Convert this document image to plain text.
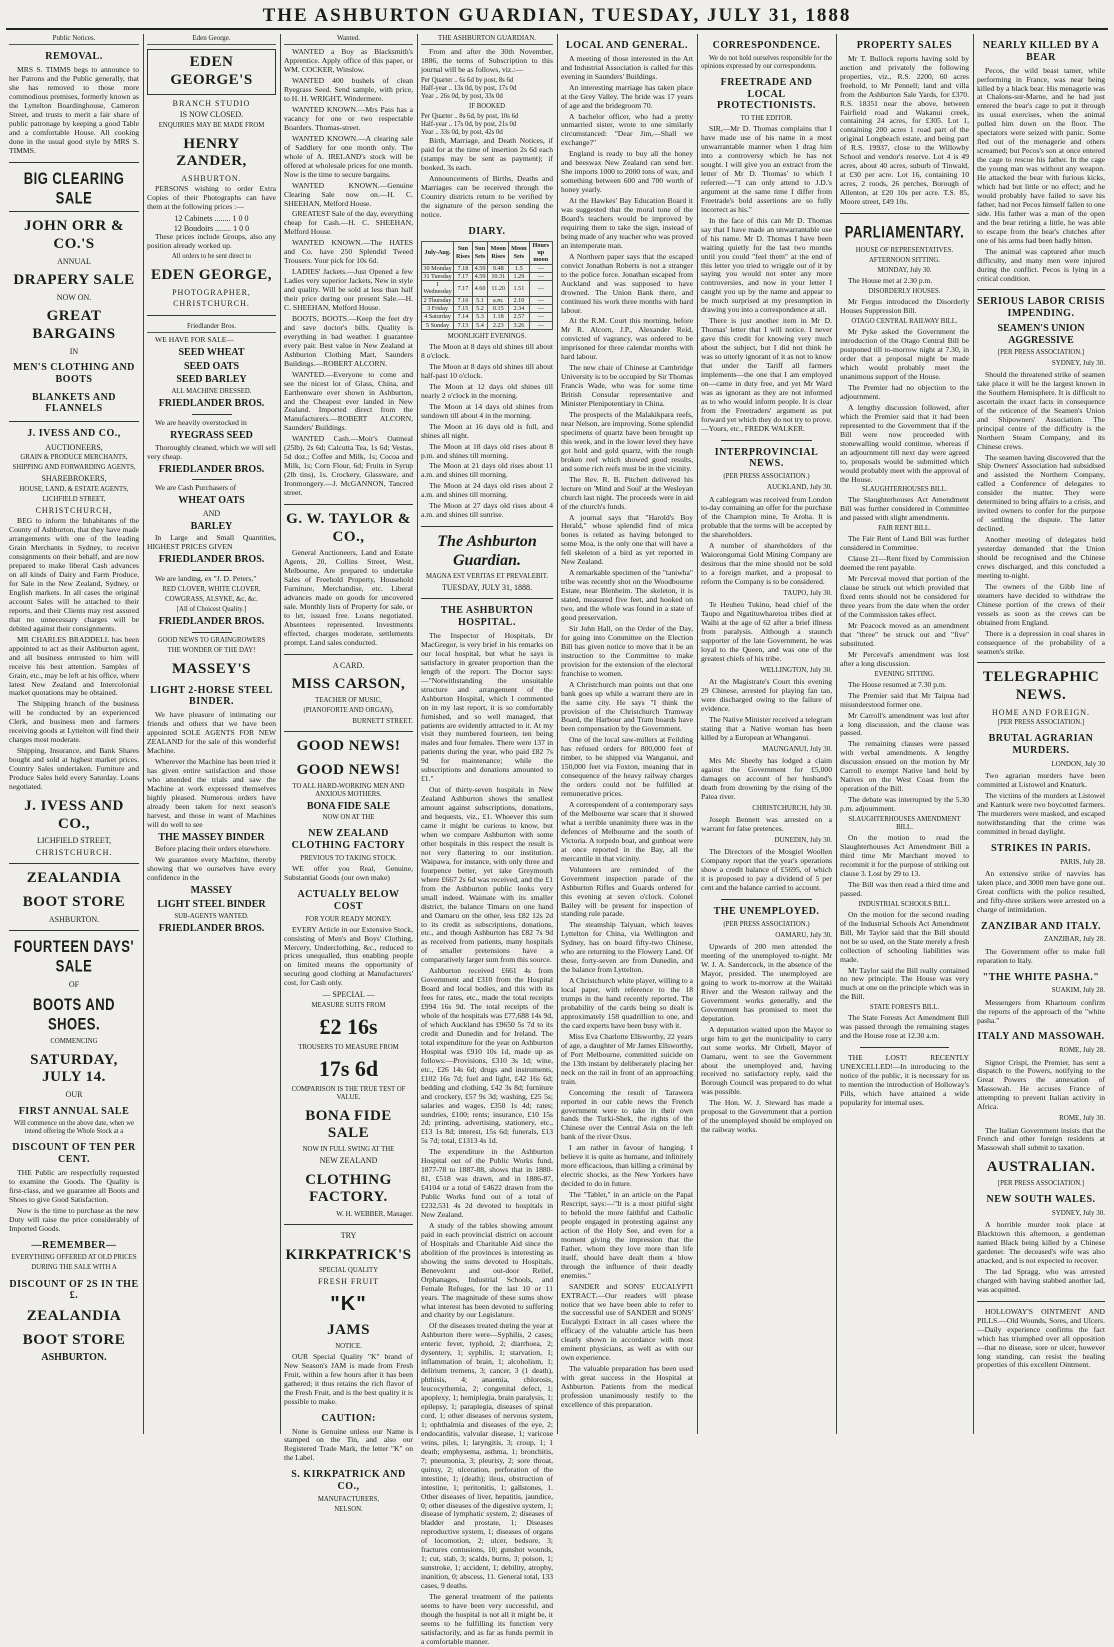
THE ASHBURTON GUARDIAN, TUESDAY, JULY 31, 1888
Public Notices.
REMOVAL.

MRS S. TIMMS begs to announce to her Patrons and the Public generally, that she has removed to those more commodious premises, formerly known as the Lyttelton Boardinghouse, Cameron Street, and trusts to merit a fair share of public patronage by keeping a good Table and a comfortable House. All cooking done in the usual good style by MRS S. TIMMS.

BIG CLEARING SALE
JOHN ORR & CO.'S
ANNUAL
DRAPERY SALE
NOW ON.
GREAT BARGAINS
IN
MEN'S CLOTHING AND BOOTS
BLANKETS AND FLANNELS
J. IVESS AND CO.,
AUCTIONEERS,
GRAIN & PRODUCE MERCHANTS,
SHIPPING AND FORWARDING AGENTS,
SHAREBROKERS,
HOUSE, LAND, & ESTATE AGENTS,
LICHFIELD STREET,
CHRISTCHURCH,

BEG to inform the Inhabitants of the County of Ashburton, that they have made arrangements with one of the leading Grain Merchants in Sydney, to receive consignments on their behalf, and are now prepared to make liberal Cash advances on all kinds of Dairy and Farm Produce, for Sale in the New Zealand, Sydney, or English markets. In all cases the original account Sales will be attached to their reports, and their Clients may rest assured that no unnecessary charges will be debited against their consignments.

MR CHARLES BRADDELL has been appointed to act as their Ashburton agent, and all business entrusted to him will receive his best attention. Samples of Grain, etc., may be left at his office, where latest New Zealand and Intercolonial market quotations may be obtained.

The Shipping branch of the business will be conducted by an experienced Clerk, and business men and farmers receiving goods at Lyttelton will find their charges most moderate.

Shipping, Insurance, and Bank Shares bought and sold at highest market prices. Country Sales undertaken. Furniture and Produce Sales held every Saturday. Loans negotiated.

J. IVESS AND CO.,
LICHFIELD STREET,
CHRISTCHURCH.
ZEALANDIA
BOOT STORE
ASHBURTON.
FOURTEEN DAYS' SALE
OF
BOOTS AND SHOES.
COMMENCING
SATURDAY, JULY 14.
OUR
FIRST ANNUAL SALE
Will commence on the above date, when we intend offering the Whole Stock at a
DISCOUNT OF TEN PER CENT.

THE Public are respectfully requested to examine the Goods. The Quality is first-class, and we guarantee all Boots and Shoes to give Good Satisfaction.

Now is the time to purchase as the new Duty will raise the price considerably of Imported Goods.

—REMEMBER—
EVERYTHING OFFERED AT OLD PRICES
DURING THE SALE WITH A
DISCOUNT OF 2S IN THE £.
ZEALANDIA
BOOT STORE
ASHBURTON.
Eden George.
EDEN GEORGE'S
BRANCH STUDIO
IS NOW CLOSED.
ENQUIRIES MAY BE MADE FROM
HENRY ZANDER,
ASHBURTON.

PERSONS wishing to order Extra Copies of their Photographs can have them at the following prices :—

12 Cabinets ........ 1 0 0
12 Boudoirs ........ 1 0 0

These prices include Groups, also any position already worked up.

All orders to be sent direct to
EDEN GEORGE,
PHOTOGRAPHER,
CHRISTCHURCH.
Friedlander Bros.

WE HAVE FOR SALE—

SEED WHEAT
SEED OATS
SEED BARLEY
ALL MACHINE DRESSED.
FRIEDLANDER BROS.

We are heavily overstocked in

RYEGRASS SEED

Thoroughly cleaned, which we will sell very cheap.

FRIEDLANDER BROS.

We are Cash Purchasers of

WHEAT OATS
AND
BARLEY

In Large and Small Quantities, HIGHEST PRICES GIVEN

FRIEDLANDER BROS.

We are landing, ex "J. D. Peters,"

RED CLOVER, WHITE CLOVER,
COWGRASS, ALSYKE, &c, &c.
[All of Choicest Quality.]
FRIEDLANDER BROS.
GOOD NEWS TO GRAINGROWERS
THE WONDER OF THE DAY!
MASSEY'S
LIGHT 2-HORSE STEEL BINDER.

We have pleasure of intimating our friends and others that we have been appointed SOLE AGENTS FOR NEW ZEALAND for the sale of this wonderful Machine.

Wherever the Machine has been tried it has given entire satisfaction and those who attended the trials and saw the Machine at work expressed themselves highly pleased. Numerous orders have already been taken for next season's harvest, and those in want of Machines will do well to see

THE MASSEY BINDER

Before placing their orders elsewhere.

We guarantee every Machine, thereby showing that we ourselves have every confidence in the

MASSEY
LIGHT STEEL BINDER
SUB-AGENTS WANTED.
FRIEDLANDER BROS.
Wanted.

WANTED a Boy as Blacksmith's Apprentice. Apply office of this paper, or WM. COCKER, Winslow.

WANTED 400 bushels of clean Ryegrass Seed. Send sample, with price, to H. H. WRIGHT, Windermere.

WANTED KNOWN.—Mrs Pass has a vacancy for one or two respectable Boarders. Thomas-street.

WANTED KNOWN.—A clearing sale of Saddlery for one month only. The whole of A. IRELAND's stock will be offered at wholesale prices for one month. Now is the time to secure bargains.

WANTED KNOWN.—Genuine Clearing Sale now on.—H. C. SHEEHAN, Melford House.

GREATEST Sale of the day, everything cheap for Cash.—H. C. SHEEHAN, Melford House.

WANTED KNOWN.—The HATES and Co. have 250 Splendid Tweed Trousers. Your pick for 10s 6d.

LADIES' Jackets.—Just Opened a few Ladies very superior Jackets, New in style and quality. Will be sold at less than half their price during our present Sale.—H. C. SHEEHAN, Melford House.

BOOTS, BOOTS.—Keep the feet dry and save doctor's bills. Quality is everything in bad weather. I guarantee every pair. Best value in New Zealand at Ashburton Clothing Mart, Saunders Buildings.—ROBERT ALCORN.

WANTED.—Everyone to come and see the nicest lot of Glass, China, and Earthenware ever shown in Ashburton, and the Cheapest ever landed in New Zealand. Imported direct from the Manufacturers.—ROBERT ALCORN, Saunders' Buildings.

WANTED Cash.—Moir's Oatmeal (25lb), 2s 6d; Calcutta Tea, 1s 6d; Vestas, 5d doz.; Coffee and Milk, 1s; Cocoa and Milk, 1s; Corn Flour, 6d; Fruits in Syrup (2lb tins), 1s. Crockery, Glassware, and Ironmongery.—J. McGANNON, Tancred street.

G. W. TAYLOR & CO.,

General Auctioneers, Land and Estate Agents, 20, Collins Street, West, Melbourne, Are prepared to undertake Sales of Freehold Property, Household Furniture, Merchandise, etc. Liberal advances made on goods for uncovered sale. Monthly lists of Property for sale, or to let, issued free. Loans negotiated. Absentees represented. Investments effected, charges moderate, settlements prompt. Land sales conducted.

A CARD.
MISS CARSON,
TEACHER OF MUSIC,
(PIANOFORTE AND ORGAN),
BURNETT STREET.
GOOD NEWS!
GOOD NEWS!
TO ALL HARD-WORKING MEN AND ANXIOUS MOTHERS.
BONA FIDE SALE
NOW ON AT THE
NEW ZEALAND CLOTHING FACTORY
PREVIOUS TO TAKING STOCK.

WE offer you Real, Genuine, Substantial Goods (our own make)

ACTUALLY BELOW COST
FOR YOUR READY MONEY.

EVERY Article in our Extensive Stock, consisting of Men's and Boys' Clothing, Mercery, Underclothing, &c., reduced to prices unequalled, thus enabling people on limited means the opportunity of securing good clothing at Manufacturers' cost, for Cash only.

— SPECIAL —
MEASURE SUITS FROM
£2 16s
TROUSERS TO MEASURE FROM
17s 6d
COMPARISON IS THE TRUE TEST OF VALUE.
BONA FIDE SALE
NOW IN FULL SWING AT THE
NEW ZEALAND
CLOTHING FACTORY.
W. H. WEBBER, Manager.
TRY
KIRKPATRICK'S
SPECIAL QUALITY
FRESH FRUIT
"K"
JAMS
NOTICE.

OUR Special Quality "K" brand of New Season's JAM is made from Fresh Fruit, within a few hours after it has been gathered; it thus retains the rich flavor of the Fresh Fruit, and is the best quality it is possible to make.

CAUTION:

None is Genuine unless our Name is stamped on the Tin, and also our Registered Trade Mark, the letter "K" on the Label.

S. KIRKPATRICK AND CO.,
MANUFACTURERS,
NELSON.
THE ASHBURTON GUARDIAN.

From and after the 30th November, 1886, the terms of Subscription to this journal will be as follows, viz.:—

Per Quarter .. 6s 6d by post, 8s 6d
Half-year .. 13s 0d, by post, 17s 0d
Year .. 26s 0d, by post, 33s 0d
IF BOOKED
Per Quarter .. 8s 6d, by post, 10s 6d
Half-year .. 17s 0d, by post, 21s 0d
Year .. 33s 0d, by post, 42s 0d

Birth, Marriage, and Death Notices, if paid for at the time of insertion 2s 6d each (stamps may be sent as payment); if booked, 3s each.

Announcements of Births, Deaths and Marriages can be received through the Country districts return to be verified by the signature of the person sending the notice.

DIARY.
July-Aug.	Sun Rises	Sun Sets	Moon Rises	Moon Sets	Hours up moon
30 Monday	7.18	4.59	9.48	1.5	—
31 Tuesday	7.17	4.59	10.31	1.29	—
1 Wednesday	7.17	4.60	11.20	1.51	—
2 Thursday	7.16	5.1	a.m.	2.10	—
3 Friday	7.15	5.2	0.15	2.34	—
4 Saturday	7.14	5.3	1.18	2.57	—
5 Sunday	7.13	5.4	2.23	3.26	—
MOONLIGHT EVENINGS.

The Moon at 8 days old shines till about 8 o'clock.

The Moon at 8 days old shines till about half-past 10 o'clock.

The Moon at 12 days old shines till nearly 2 o'clock in the morning.

The Moon at 14 days old shines from sundown till about 4 in the morning.

The Moon at 16 days old is full, and shines all night.

The Moon at 18 days old rises about 8 p.m. and shines till morning.

The Moon at 21 days old rises about 11 a.m. and shines till morning.

The Moon at 24 days old rises about 2 a.m. and shines till morning.

The Moon at 27 days old rises about 4 a.m. and shines till sunrise.

The Ashburton Guardian.
MAGNA EST VERITAS ET PREVALEBIT.
TUESDAY, JULY 31, 1888.
THE ASHBURTON HOSPITAL.

The Inspector of Hospitals, Dr MacGregor, is very brief in his remarks on our local hospital, but what he says is satisfactory in greater proportion than the length of the report. The Doctor says:—"Notwithstanding the unsuitable structure and arrangement of the Ashburton Hospital, which I commented on in my last report, it is so comfortably furnished, and so well managed, that patients are evidently attracted to it. At my visit they numbered fourteen, ten being males and four females. There were 137 in patients during the year, who paid £82 7s 9d for maintenance; while the subscriptions and donations amounted to £1."

Out of thirty-seven hospitals in New Zealand Ashburton shows the smallest amount against subscriptions, donations, and bequests, viz., £1. Whoever this sum came it might be curious to know, but when we compare Ashburton with some other hospitals in this respect the result is not very flattering to our institution. Waipawa, for instance, with only three and fourpence better, yet take Greymouth where £667 2s 6d was received, and the £1 from the Ashburton public looks very small indeed. Waimate with its smaller district, the balance Timaru on one hand and Oamaru on the other, less £82 12s 2d to its credit as subscriptions, donations, etc., and though Ashburton has £82 7s 9d as received from patients, many hospitals of smaller pretensions have a comparatively larger sum from this source.

Ashburton received £661 4s from Government and £310 from the Hospital Board and local bodies, and this with its fees for rates, etc., made the total receipts £994 16s 9d. The total receipts of the whole of the hospitals was £77,688 14s 9d, of which Auckland has £9650 5s 7d to its credit and Dunedin and for Ireland. The total expenditure for the year on Ashburton Hospital was £910 10s 1d, made up as follows:—Provisions, £310 3s 1d; wine, etc., £26 14s 6d; drugs and instruments, £102 16s 7d; fuel and light, £42 16s 6d; bedding and clothing, £42 3s 8d; furniture and crockery, £57 9s 3d; washing, £25 5s; salaries and wages, £350 1s 4d; rates; sundries, £100; rents; insurance, £10 15s 2d; printing, advertising, stationery, etc., £13 1s 8d; interest, 15s 6d; funerals, £13 5s 7d; total, £1313 4s 1d.

The expenditure in the Ashburton Hospital out of the Public Works fund, 1877-78 to 1887-88, shows that in 1880-81, £518 was drawn, and in 1886-87, £4104 or a total of £4622 drawn from the Public Works fund out of a total of £232,531 4s 2d devoted to hospitals in New Zealand.

A study of the tables showing amount paid in each provincial district on account of Hospitals and Charitable Aid since the abolition of the provinces is interesting as showing the sums devoted to Hospitals, Benevolent and out-door Relief, Orphanages, Industrial Schools, and Female Refuges, for the last 10 or 11 years. The magnitude of these sums show what interest has been devoted to suffering and charity by our Legislature.

Of the diseases treated during the year at Ashburton there were—Syphilis, 2 cases; enteric fever, typhoid, 2; diarrhoea, 2; dysentery, 1; syphilis, 1; starvation, 1; inflammation of brain, 1; alcoholism, 1; delirium tremens, 3; cancer, 3 (1 death), phthisis, 4; anaemia, chlorosis, leucocythemia, 2; congenital defect, 1; apoplexy, 1; hemiplegia, brain paralysis, 1; epilepsy, 1; paraplegia, diseases of spinal cord, 1; other diseases of nervous system, 1; ophthalmia and diseases of the eye, 2; endocarditis, valvular disease, 1; varicose veins, piles, 1; laryngitis, 3; croup, 1; 1 death; emphysema, asthma, 1; bronchitis, 7; pneumonia, 3; pleurisy, 2; sore throat, quinsy, 2; ulceration, perforation of the intestine, 1; (death); ileus, obstruction of intestine, 1; peritonitis, 1; gallstones, 1. Other diseases of liver, hepatitis, jaundice, 0; other diseases of the digestive system, 1; disease of lymphatic system, 2; diseases of bladder and prostate, 1; Diseases reproductive system, 1; diseases of organs of locomotion, 2; ulcer, bedsore, 3; fractures contusions, 10; gunshot wounds, 1; cut, stab, 3; scalds, burns, 3; poison, 1; sunstroke, 1; accident, 1; debility, atrophy, inanition, 0; abscess, 11. General total, 133 cases, 9 deaths.

The general treatment of the patients seems to have been very successful, and though the hospital is not all it might be, it seems to be fulfilling its function very satisfactorily, and as far as funds permit in a comfortable manner.

LOCAL AND GENERAL.

A meeting of those interested in the Art and Industrial Association is called for this evening in Saunders' Buildings.

An interesting marriage has taken place at the Grey Valley. The bride was 17 years of age and the bridegroom 70.

A bachelor officer, who had a pretty unmarried sister, wrote to one similarly circumstanced: "Dear Jim,—Shall we exchange?"

England is ready to buy all the honey and beeswax New Zealand can send her. She imports 1000 to 2000 tons of wax, and something between 600 and 700 worth of honey yearly.

At the Hawkes' Bay Education Board it was suggested that the moral tone of the Board's teachers would be improved by requiring them to take the sign, instead of being made of any teacher who was proved an intemperate man.

A Northern paper says that the escaped convict Jonathan Roberts is not a stranger to the police force. Jonathan escaped from Auckland and was supposed to have drowned. The Union Bank there, and continued his work three months with hard labour.

At the R.M. Court this morning, before Mr R. Alcorn, J.P., Alexander Reid, convicted of vagrancy, was ordered to be imprisoned for three calendar months with hard labour.

The new chair of Chinese at Cambridge University is to be occupied by Sir Thomas Francis Wade, who was for some time British Consular representative and Minister Plenipotentiary in China.

The prospects of the Malakikpara reefs, near Nelson, are improving. Some splendid specimens of quartz have been brought up this week, and in the lower level they have got hold and gold quartz, with the rough broken reef which showed good results, and some rich reefs must be in the vicinity.

The Rev. R. B. Pitchett delivered his lecture on 'Mind and Soul' at the Wesleyan church last night. The proceeds were in aid of the church's funds.

A journal says that "Harold's Boy Herald," whose splendid find of mica bones is related as having belonged to some Moa, is the only one that will have a fell skeleton of a bird as yet reported in New Zealand.

A remarkable specimen of the "taniwha" tribe was recently shot on the Woodbourne Estate, near Blenheim. The skeleton, it is stated, measured five feet, and hooked on two, and the whole was found in a state of good preservation.

Sir John Hall, on the Order of the Day, for going into Committee on the Election Bill has given notice to move that it be an instruction to the Committee to make provision for the extension of the electoral franchise to women.

A Christchurch man points out that one bank goes up while a warrant there are in the same city. He says "I think the provision of the Christchurch Tramway Board, the Harbour and Tram boards have been compensation by the Government.

One of the local saw-millers at Feilding has refused orders for 800,000 feet of timber, to be shipped via Wanganui, and 150,000 feet via Foxton, meaning that in consequence of the heavy railway charges the orders could not be fulfilled at remunerative prices.

A correspondent of a contemporary says of the Melbourne war scare that it showed what a terrible unanimity there was in the defences of Melbourne and the south of Victoria. A torpedo boat, and gunboat were at once reported in the Bay, all the mercantile in that vicinity.

Volunteers are reminded of the Government inspection parade of the Ashburton Rifles and Guards ordered for this evening at seven o'clock. Colonel Bailey will be present for inspection of standing rule parade.

The steamship Taiyuan, which leaves Lyttelton for China, via Wellington and Sydney, has on board fifty-two Chinese, who are returning to the Flowery Land. Of these, forty-seven are from Dunedin, and the balance from Lyttelton.

A Christchurch white player, willing to a local paper, with reference to the 18 trumps in the hand recently reported. The probability of the cards being so dealt is approximately 158 quadrillion to one, and the card experts have been busy with it.

Miss Eva Charlotte Ellsworthy, 22 years of age, a daughter of Mr James Ellsworthy, of Port Melbourne, committed suicide on the 13th instant by deliberately placing her neck on the rail in front of an approaching train.

Concerning the result of Tarawera reported in our cable news the French government were to take in their own hands the Turki-Shek, the rights of the Chinese over the Central Asia on the left bank of the river Oxus.

I am rather in favour of hanging. I believe it is quite as humane, and infinitely more efficacious, than killing a criminal by electric shocks, as the New Yorkers have decided to do in future.

The "Tablet," in an article on the Papal Rescript, says:—"It is a most pitiful sight to behold the more faithful and Catholic people engaged in protesting against any action of the Holy See, and even for a moment giving the impression that the Father, whom they love more than life itself, should have dealt them a blow through the influence of their deadly enemies."

SANDER and SONS' EUCALYPTI EXTRACT.—Our readers will please notice that we have been able to refer to the successful use of SANDER and SONS' Eucalypti Extract in all cases where the efficacy of the valuable article has been clearly shown in accordance with most eminent physicians, as well as with our own experience.

The valuable preparation has been used with great success in the Hospital at Ashburton. Patients from the medical profession unanimously testify to the excellence of this preparation.

CORRESPONDENCE.

We do not hold ourselves responsible for the opinions expressed by our correspondents.

FREETRADE AND LOCAL PROTECTIONISTS.
TO THE EDITOR.

SIR,—Mr D. Thomas complains that I have made use of his name in a most unwarrantable manner when I drag him into a controversy which he has not sought. I will give you an extract from the letter of Mr D. Thomas' to which I referred:—"I can only attend to J.D.'s argument at the same time I differ from Freetrade's bold assertions are so fully incorrect as his."

In the face of this can Mr D. Thomas say that I have made an unwarrantable use of his name. Mr D. Thomas I have been waiting quietly for the last two months until you could "feel them" at the end of this letter you tried to wriggle out of it by saying you would not enter any more controversies, and now in your letter I caught you up by the name and appear to be much surprised at my presumption in drawing you into a correspondence at all.

There is just another item in Mr D. Thomas' letter that I will notice. I never gave this credit for knowing very much about the subject, but I did not think he was so utterly ignorant of it as not to know that under the Tariff all farmers implements—the one that I am employed on—came in duty free, and yet Mr Ward was as ignorant as they are not informed as to who would inform people. It is clear from the Freetraders' argument as put forward yet which they do not try to prove.—Yours, etc., FREDK WALKER.

INTERPROVINCIAL NEWS.
(PER PRESS ASSOCIATION.)
AUCKLAND, July 30.

A cablegram was received from London to-day containing an offer for the purchase of the Champion mine, Te Aroha. It is probable that the terms will be accepted by the shareholders.

A number of shareholders of the Waiorongomai Gold Mining Company are desirous that the mine should not be sold to a foreign market, and a proposal to reform the Company is to be considered.

TAUPO, July 30.

Te Heuheu Tukino, head chief of the Taupo and Ngatituwharetoa tribes died at Waihi at the age of 62 after a brief illness from paralysis. Although a staunch supporter of the late Government, he was loyal to the Queen, and was one of the greatest chiefs of his tribe.

WELLINGTON, July 30.

At the Magistrate's Court this evening 29 Chinese, arrested for playing fan tan, were discharged owing to the failure of evidence.

The Native Minister received a telegram stating that a Native woman has been killed by a European at Whanganui.

MAUNGANUI, July 30.

Mrs Mc Sheehy has lodged a claim against the Government for £5,000 damages on account of her husband's death from drowning by the rising of the Patea river.

CHRISTCHURCH, July 30.

Joseph Bennett was arrested on a warrant for false pretences.

DUNEDIN, July 30.

The Directors of the Mosgiel Woollen Company report that the year's operations show a credit balance of £5695, of which it is proposed to pay a dividend of 5 per cent and the balance carried to account.

THE UNEMPLOYED.
(PER PRESS ASSOCIATION.)
OAMARU, July 30.

Upwards of 200 men attended the meeting of the unemployed to-night. Mr W. J. A. Sandercock, in the absence of the Mayor, presided. The unemployed are going to work to-morrow at the Waitaki River and the Weston railway and the Government works generally, and the Government has promised to meet the deputation.

A deputation waited upon the Mayor to urge him to get the municipality to carry out some works. Mr Orbell, Mayor of Oamaru, went to see the Government about the unemployed and, having received no satisfactory reply, said the Borough Council was prepared to do what was possible.

The Hon. W. J. Steward has made a proposal to the Government that a portion of the unemployed should be employed on the railway works.

PROPERTY SALES

Mr T. Bullock reports having sold by auction and privately the following properties, viz., R.S. 2200, 60 acres freehold, to Mr Pennell; land and villa from the Ashburton Sale Yards, for £370. R.S. 18351 near the above, between Fairfield road and Wakanui creek, containing 24 acres, for £305. Lot 1, containing 200 acres 1 road part of the original Longbeach estate, and being part of R.S. 19937, close to the Willowby School and vendor's reserve. Lot 4 is 49 acres, about 40 acres, suburb of Tinwald, at £30 per acre. Lot 16, containing 10 acres, 2 roods, 26 perches, Borough of Allenton, at £20 10s per acre. T.S. 85, Moore street, £49 10s.

PARLIAMENTARY.
HOUSE OF REPRESENTATIVES.
AFTERNOON SITTING.
MONDAY, July 30.

The House met at 2.30 p.m.

DISORDERLY HOUSES.

Mr Fergus introduced the Disorderly Houses Suppression Bill.

OTAGO CENTRAL RAILWAY BILL.

Mr Pyke asked the Government the introduction of the Otago Central Bill be postponed till to-morrow night at 7.30, in order that a proposal might be made which would probably meet the unanimous support of the House.

The Premier had no objection to the adjournment.

A lengthy discussion followed, after which the Premier said that it had been represented to the Government that if the Bill were now proceeded with stonewalling would continue, whereas if an adjournment till next day were agreed to, proposals would be submitted which would probably meet with the approval of the House.

SLAUGHTERHOUSES BILL.

The Slaughterhouses Act Amendment Bill was further considered in Committee and passed with slight amendments.

FAIR RENT BILL.

The Fair Rent of Land Bill was further considered in Committee.

Clause 21—Rent fixed by Commission deemed the rent payable.

Mr Perceval moved that portion of the clause be struck out which provided that fixed rents should not be considered for three years from the date when the order of the Commission takes effect.

Mr Peacock moved as an amendment that "three" be struck out and "five" substituted.

Mr Perceval's amendment was lost after a long discussion.

EVENING SITTING.

The House resumed at 7.30 p.m.

The Premier said that Mr Taipua had misunderstood former one.

Mr Carroll's amendment was lost after a long discussion, and the clause was passed.

The remaining clauses were passed with verbal amendments. A lengthy discussion ensued on the motion by Mr Carroll to exempt Native land held by Natives on the West Coast from the operation of the Bill.

The debate was interrupted by the 5.30 p.m. adjournment.

SLAUGHTERHOUSES AMENDMENT BILL.

On the motion to read the Slaughterhouses Act Amendment Bill a third time Mr Marchant moved to recommit it for the purpose of striking out clause 3. Lost by 29 to 13.

The Bill was then read a third time and passed.

INDUSTRIAL SCHOOLS BILL.

On the motion for the second reading of the Industrial Schools Act Amendment Bill, Mr Taylor said that the Bill should not be so used, on the State merely a fresh collection of schooling liabilities was made.

Mr Taylor said the Bill really contained no new principle. The House was very much at one on the principle which was in the Bill.

STATE FORESTS BILL.

The State Forests Act Amendment Bill was passed through the remaining stages and the House rose at 12.30 a.m.

THE LOST! RECENTLY UNEXCELLED!—In introducing to the notice of the public, it is necessary for us to mention the introduction of Holloway's Pills, which have attained a wide popularity for internal uses.

NEARLY KILLED BY A BEAR

Pecos, the wild beast tamer, while performing in France, was near being killed by a black bear. His menagerie was at Chalons-sur-Marne, and he had just entered the bear's cage to put it through its usual exercises, when the animal pulled him down on the floor. The spectators were seized with panic. Some fled out of the menagerie and others screamed; but Pecos's son at once entered the cage to rescue his father. In the cage the young man was without any weapon. He attacked the bear with furious kicks, which had but little or no effect; and he would probably have failed to save his father, had not Pecos himself fallen to one side. His father was a man of the open and the bear retiring a little, he was able to escape from the bear's clutches after one of his arms had been badly bitten.

The animal was captured after much difficulty, and many men were injured during the conflict. Pecos is lying in a critical condition.

SERIOUS LABOR CRISIS IMPENDING.
SEAMEN'S UNION AGGRESSIVE
[PER PRESS ASSOCIATION.]
SYDNEY, July 30.

Should the threatened strike of seamen take place it will be the largest known in the Southern Hemisphere. It is difficult to ascertain the exact facts in consequence of the reticence of the Seamen's Union and Shipowners' Association. The principal centre of the difficulty is the Northern Steam Company, and its Chinese crews.

The seamen having discovered that the Ship Owners' Association had subsidised and assisted the Northern Company, called a Conference of delegates to consider the matter. They were determined to bring affairs to a crisis, and invited owners to confer for the purpose of settling the dispute. The latter declined.

Another meeting of delegates held yesterday demanded that the Union should be recognised and the Chinese crews discharged, and this concluded a meeting to-night.

The owners of the Gibb line of steamers have decided to withdraw the Chinese portion of the crews of their vessels as soon as the crews can be obtained from England.

There is a depression in coal shares in consequence of the probability of a seamen's strike.

TELEGRAPHIC NEWS.
HOME AND FOREIGN.
[PER PRESS ASSOCIATION.]
BRUTAL AGRARIAN MURDERS.
LONDON, July 30

Two agrarian murders have been committed at Listowel and Knaturk.

The victims of the murders at Listowel and Kanturk were two boycotted farmers. The murderers were masked, and escaped notwithstanding that the crime was committed in broad daylight.

STRIKES IN PARIS.
PARIS, July 28.

An extensive strike of navvies has taken place, and 3000 men have gone out. Great conflicts with the police resulted, and fifty-three strikers were arrested on a charge of intimidation.

ZANZIBAR AND ITALY.
ZANZIBAR, July 28.

The Government offer to make full reparation to Italy.

"THE WHITE PASHA."
SUAKIM, July 28.

Messengers from Khartoum confirm the reports of the approach of the "white pasha."

ITALY AND MASSOWAH.
ROME, July 28.

Signor Crispi, the Premier, has sent a dispatch to the Powers, notifying to the Great Powers the annexation of Massowah. He accuses France of attempting to prevent Italian activity in Africa.

ROME, July 30.

The Italian Government insists that the French and other foreign residents at Massowah shall submit to taxation.

AUSTRALIAN.
[PER PRESS ASSOCIATION.]
NEW SOUTH WALES.
SYDNEY, July 30.

A horrible murder took place at Blacktown this afternoon, a gentleman named Black being killed by a Chinese gardener. The deceased's wife was also attacked, and is not expected to recover.

The lad Spragg, who was arrested charged with having stabbed another lad, was acquitted.

HOLLOWAY'S OINTMENT AND PILLS.—Old Wounds, Sores, and Ulcers.—Daily experience confirms the fact which has triumphed over all opposition—that no disease, sore or ulcer, however long standing, can resist the healing properties of this excellent Ointment.
